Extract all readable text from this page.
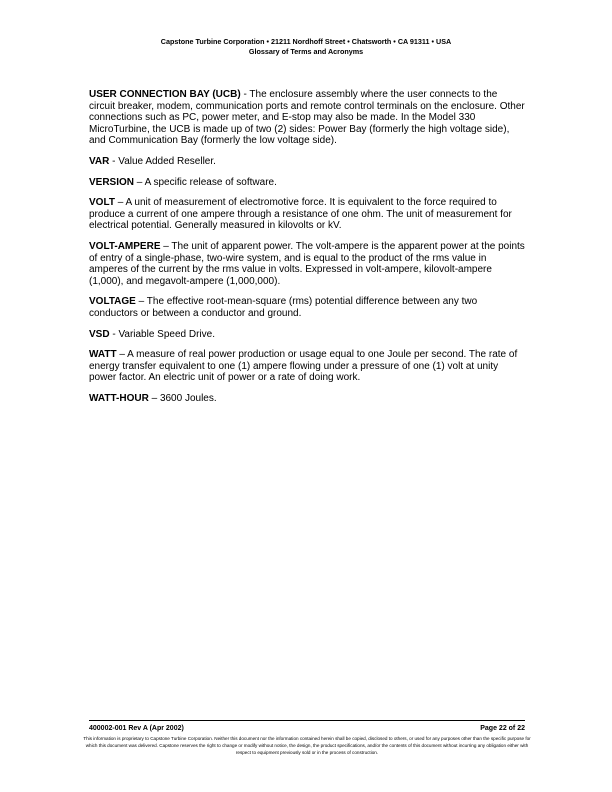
Capstone Turbine Corporation • 21211 Nordhoff Street • Chatsworth • CA 91311 • USA
Glossary of Terms and Acronyms

USER CONNECTION BAY (UCB) - The enclosure assembly where the user connects to the circuit breaker, modem, communication ports and remote control terminals on the enclosure. Other connections such as PC, power meter, and E-stop may also be made. In the Model 330 MicroTurbine, the UCB is made up of two (2) sides: Power Bay (formerly the high voltage side), and Communication Bay (formerly the low voltage side).

VAR - Value Added Reseller.

VERSION – A specific release of software.

VOLT – A unit of measurement of electromotive force. It is equivalent to the force required to produce a current of one ampere through a resistance of one ohm. The unit of measurement for electrical potential. Generally measured in kilovolts or kV.

VOLT-AMPERE – The unit of apparent power. The volt-ampere is the apparent power at the points of entry of a single-phase, two-wire system, and is equal to the product of the rms value in amperes of the current by the rms value in volts. Expressed in volt-ampere, kilovolt-ampere (1,000), and megavolt-ampere (1,000,000).

VOLTAGE – The effective root-mean-square (rms) potential difference between any two conductors or between a conductor and ground.

VSD - Variable Speed Drive.

WATT – A measure of real power production or usage equal to one Joule per second. The rate of energy transfer equivalent to one (1) ampere flowing under a pressure of one (1) volt at unity power factor. An electric unit of power or a rate of doing work.

WATT-HOUR – 3600 Joules.

400002-001 Rev A (Apr 2002)	Page 22 of 22
This information is proprietary to Capstone Turbine Corporation. Neither this document nor the information contained herein shall be copied, disclosed to others, or used for any purposes other than the specific purpose for which this document was delivered. Capstone reserves the right to change or modify without notice, the design, the product specifications, and/or the contents of this document without incurring any obligation either with respect to equipment previously sold or in the process of construction.
